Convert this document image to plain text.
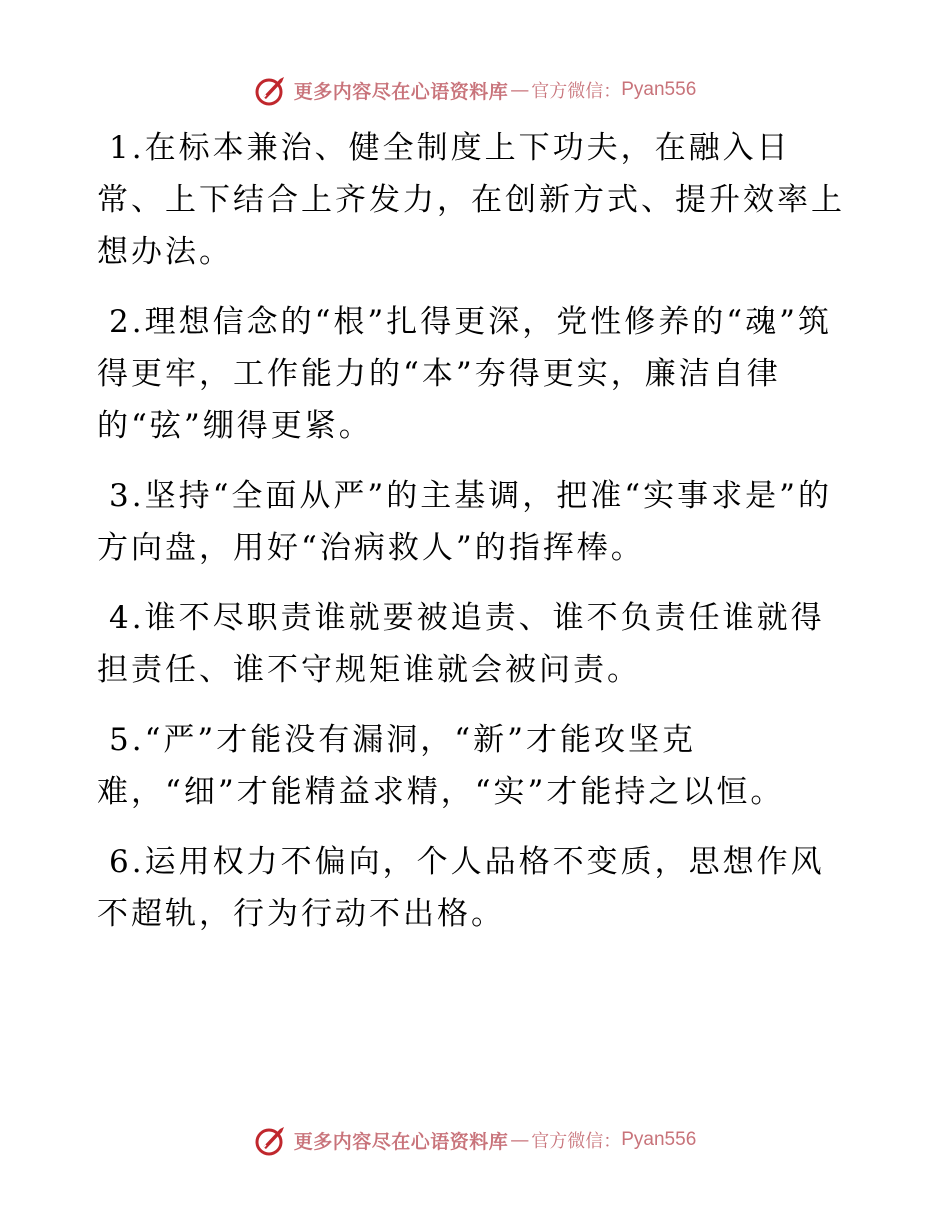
更多内容尽在心语资料库 — 官方微信： Pyan556

1.在标本兼治、健全制度上下功夫，在融入日常、上下结合上齐发力，在创新方式、提升效率上想办法。

2.理想信念的“根”扎得更深，党性修养的“魂”筑得更牢，工作能力的“本”夯得更实，廉洁自律的“弦”绷得更紧。

3.坚持“全面从严”的主基调，把准“实事求是”的方向盘，用好“治病救人”的指挥棒。

4.谁不尽职责谁就要被追责、谁不负责任谁就得担责任、谁不守规矩谁就会被问责。

5.“严”才能没有漏洞，“新”才能攻坚克难，“细”才能精益求精，“实”才能持之以恒。

6.运用权力不偏向，个人品格不变质，思想作风不超轨，行为行动不出格。

更多内容尽在心语资料库 — 官方微信： Pyan556
